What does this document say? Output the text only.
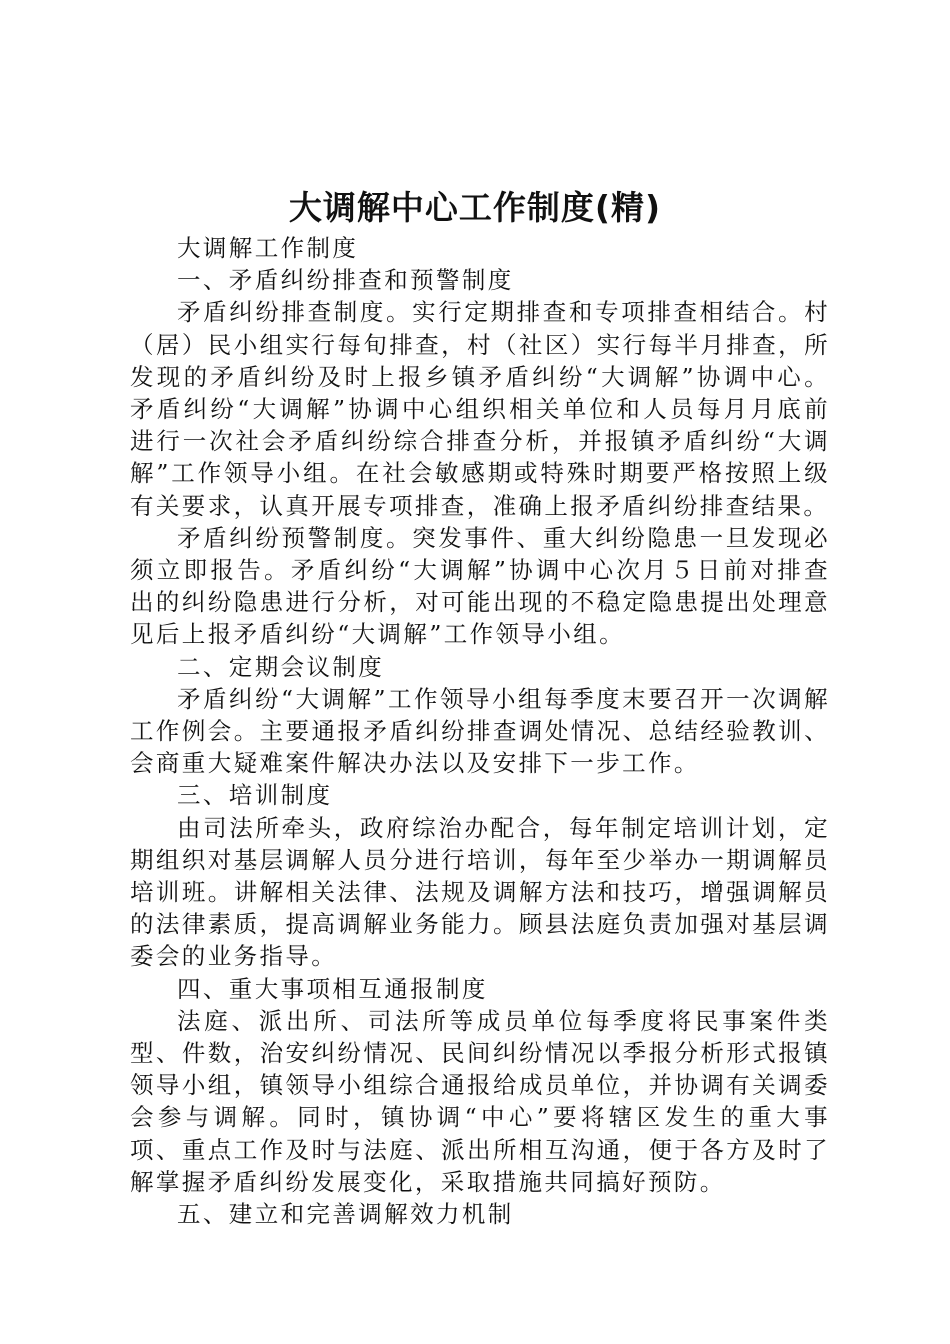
大调解中心工作制度(精)

大调解工作制度

一、矛盾纠纷排查和预警制度

矛盾纠纷排查制度。实行定期排查和专项排查相结合。村（居）民小组实行每旬排查，村（社区）实行每半月排查，所发现的矛盾纠纷及时上报乡镇矛盾纠纷“大调解”协调中心。矛盾纠纷“大调解”协调中心组织相关单位和人员每月月底前进行一次社会矛盾纠纷综合排查分析，并报镇矛盾纠纷“大调解”工作领导小组。在社会敏感期或特殊时期要严格按照上级有关要求，认真开展专项排查，准确上报矛盾纠纷排查结果。

矛盾纠纷预警制度。突发事件、重大纠纷隐患一旦发现必须立即报告。矛盾纠纷“大调解”协调中心次月５日前对排查出的纠纷隐患进行分析，对可能出现的不稳定隐患提出处理意见后上报矛盾纠纷“大调解”工作领导小组。

二、定期会议制度

矛盾纠纷“大调解”工作领导小组每季度末要召开一次调解工作例会。主要通报矛盾纠纷排查调处情况、总结经验教训、会商重大疑难案件解决办法以及安排下一步工作。

三、培训制度

由司法所牵头，政府综治办配合，每年制定培训计划，定期组织对基层调解人员分进行培训，每年至少举办一期调解员培训班。讲解相关法律、法规及调解方法和技巧，增强调解员的法律素质，提高调解业务能力。顾县法庭负责加强对基层调委会的业务指导。

四、重大事项相互通报制度

法庭、派出所、司法所等成员单位每季度将民事案件类型、件数，治安纠纷情况、民间纠纷情况以季报分析形式报镇领导小组，镇领导小组综合通报给成员单位，并协调有关调委会参与调解。同时，镇协调“中心”要将辖区发生的重大事项、重点工作及时与法庭、派出所相互沟通，便于各方及时了解掌握矛盾纠纷发展变化，采取措施共同搞好预防。

五、建立和完善调解效力机制
